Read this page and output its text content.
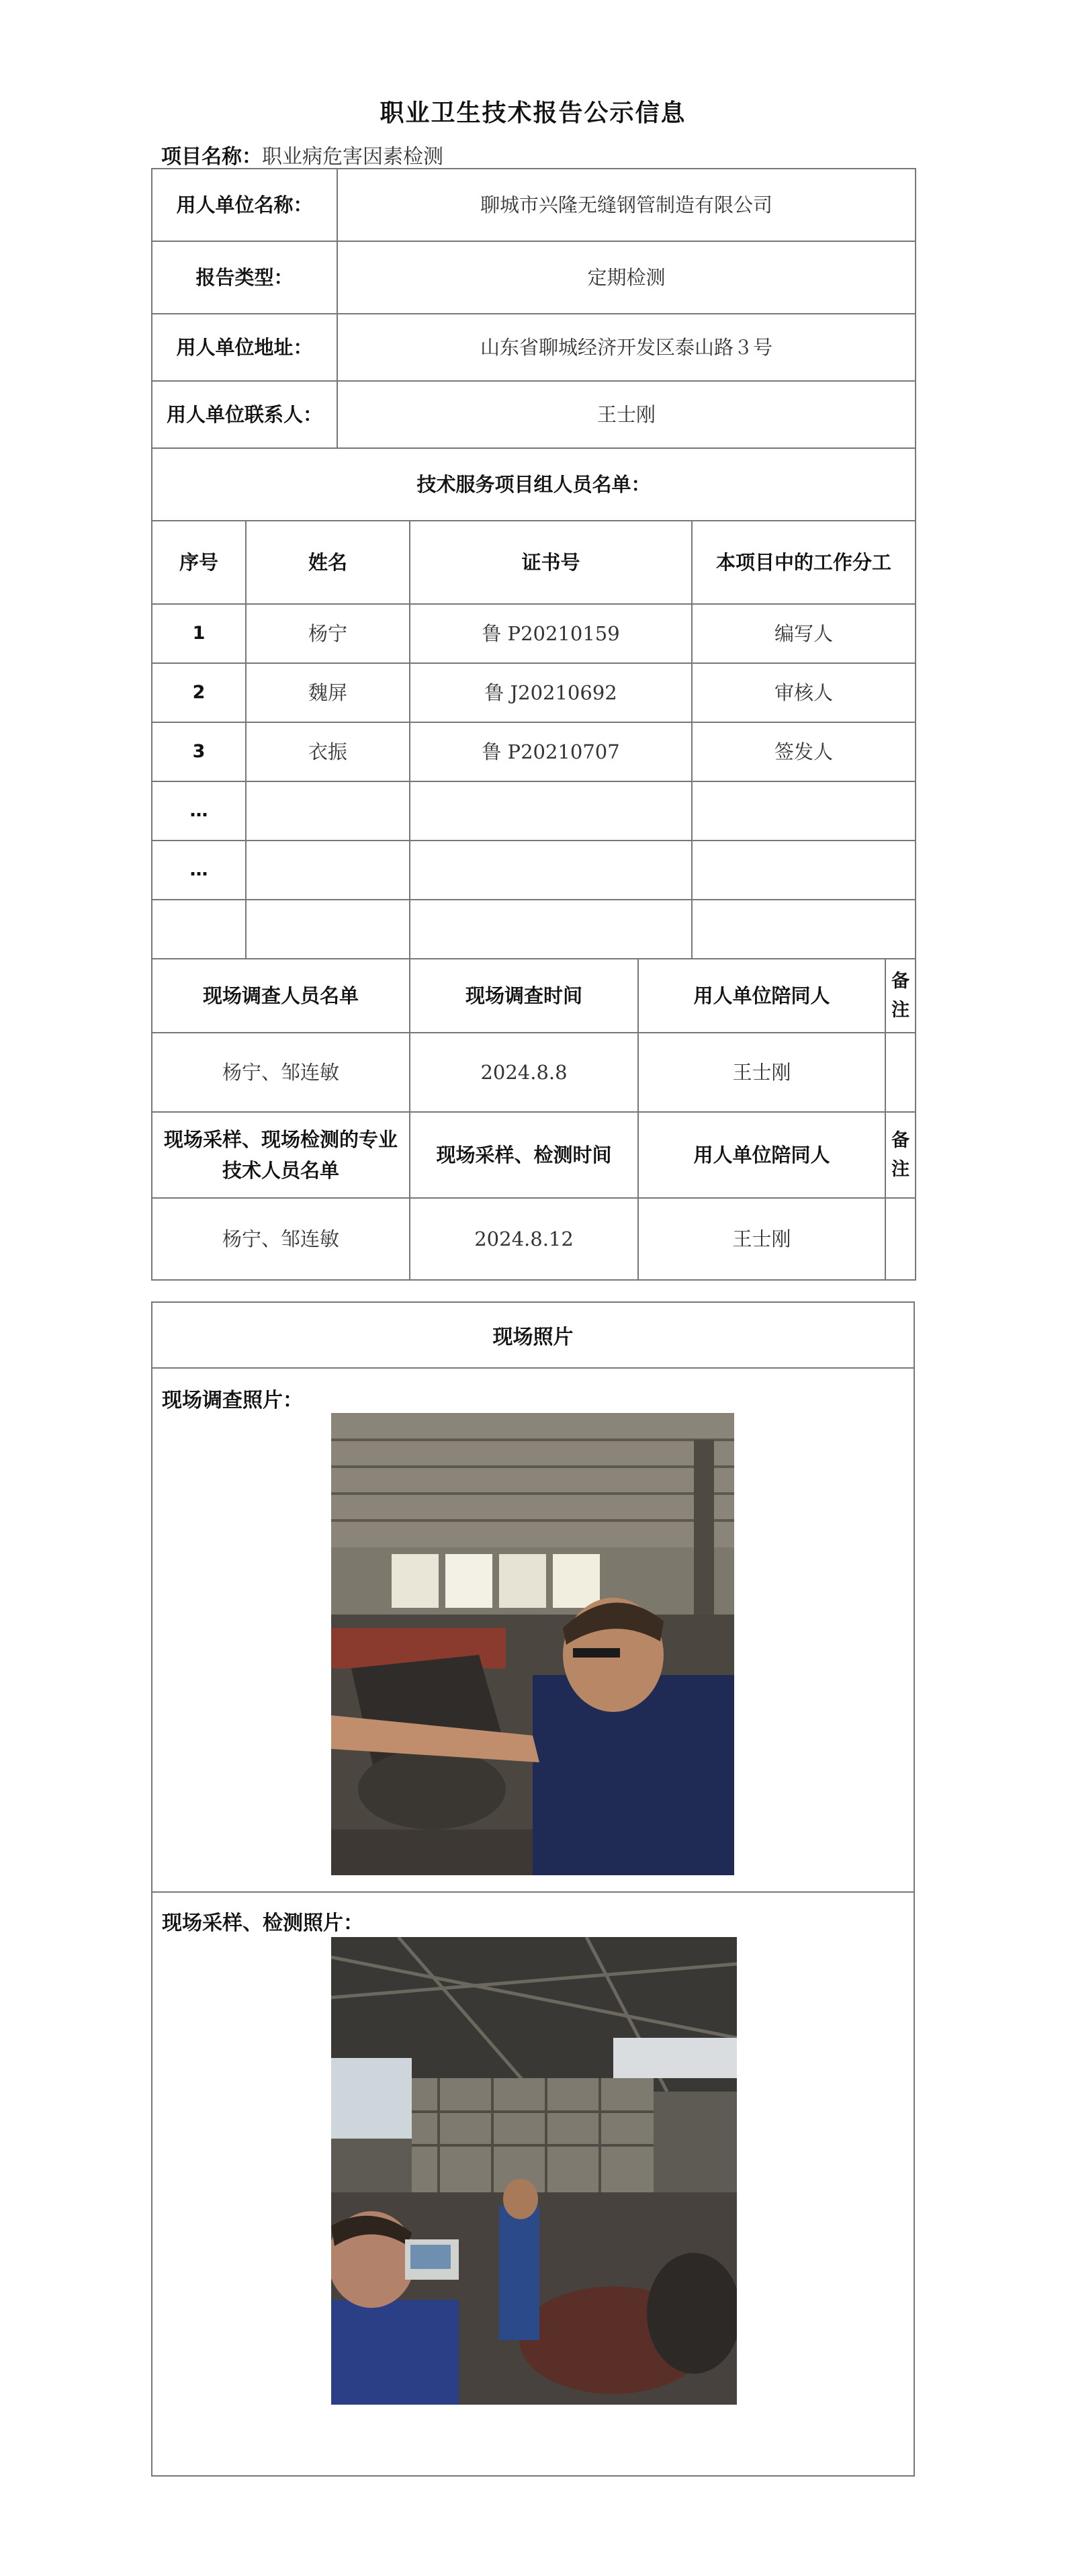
职业卫生技术报告公示信息
项目名称：职业病危害因素检测
用人单位名称：		聊城市兴隆无缝钢管制造有限公司				
报告类型：		定期检测				
用人单位地址：		山东省聊城经济开发区泰山路３号				
用人单位联系人：		王士刚				
技术服务项目组人员名单：						
序号	姓名		证书号		本项目中的工作分工	
1	杨宁		鲁 P20210159		编写人	
2	魏屏		鲁 J20210692		审核人	
3	衣振		鲁 P20210707		签发人	
…						
…						

现场调查人员名单			现场调查时间	用人单位陪同人		备注
杨宁、邹连敏			2024.8.8	王士刚		
现场采样、现场检测的专业技术人员名单			现场采样、检测时间	用人单位陪同人		备注
杨宁、邹连敏			2024.8.12	王士刚		
现场照片
现场调查照片：
现场采样、检测照片：
